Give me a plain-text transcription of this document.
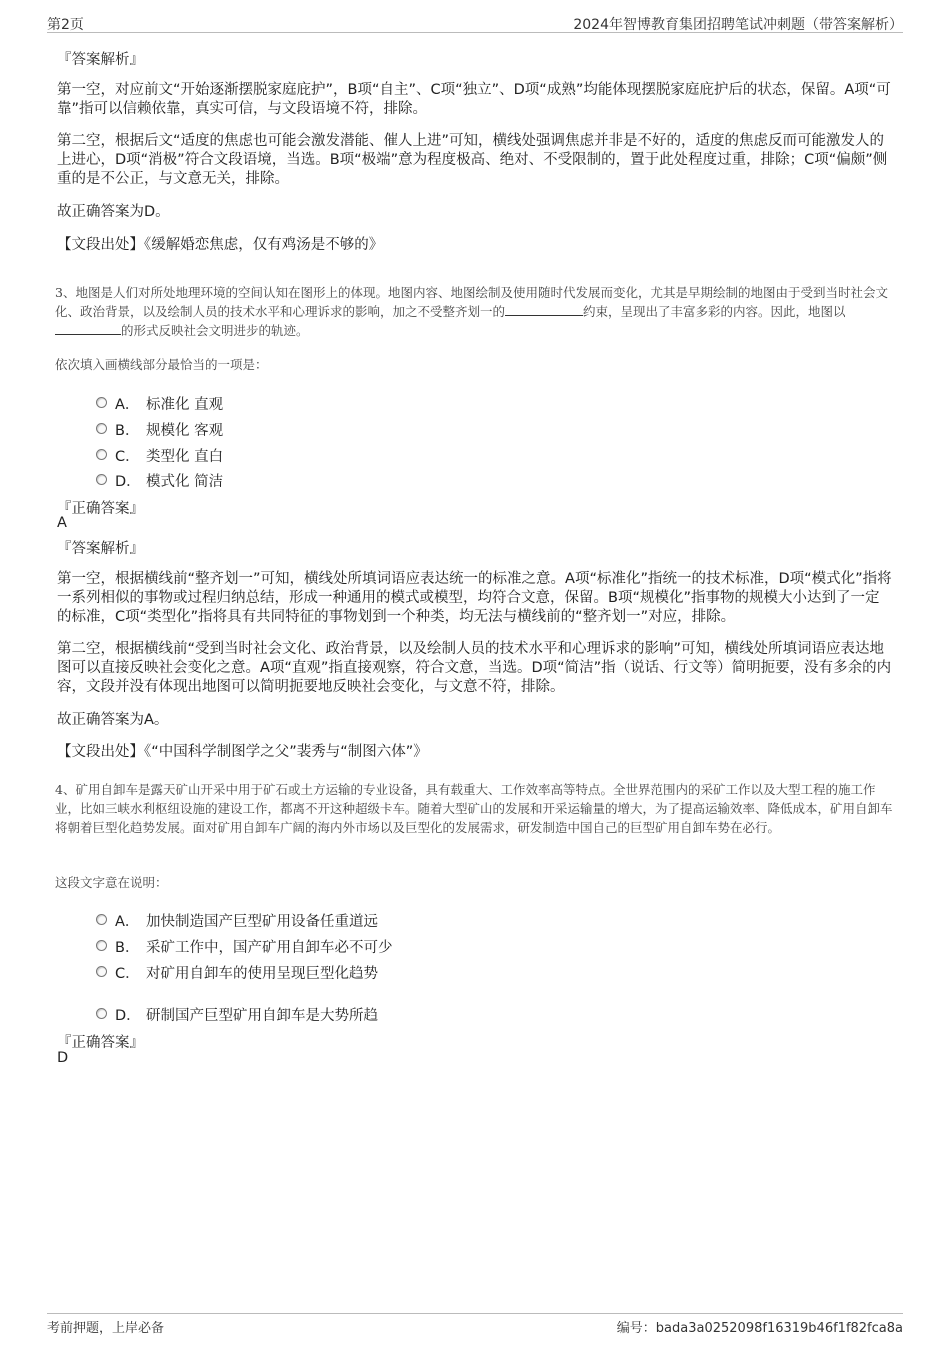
第2页	2024年智博教育集团招聘笔试冲刺题（带答案解析）
『答案解析』
第一空，对应前文“开始逐渐摆脱家庭庇护”，B项“自主”、C项“独立”、D项“成熟”均能体现摆脱家庭庇护后的状态，保留。A项“可靠”指可以信赖依靠，真实可信，与文段语境不符，排除。
第二空，根据后文“适度的焦虑也可能会激发潜能、催人上进”可知，横线处强调焦虑并非是不好的，适度的焦虑反而可能激发人的上进心，D项“消极”符合文段语境，当选。B项“极端”意为程度极高、绝对、不受限制的，置于此处程度过重，排除；C项“偏颇”侧重的是不公正，与文意无关，排除。
故正确答案为D。
【文段出处】《缓解婚恋焦虑，仅有鸡汤是不够的》
3、地图是人们对所处地理环境的空间认知在图形上的体现。地图内容、地图绘制及使用随时代发展而变化，尤其是早期绘制的地图由于受到当时社会文化、政治背景，以及绘制人员的技术水平和心理诉求的影响，加之不受整齐划一的	约束，呈现出了丰富多彩的内容。因此，地图以的形式反映社会文明进步的轨迹。
依次填入画横线部分最恰当的一项是：
A． 标准化 直观
B． 规模化 客观
C． 类型化 直白
D． 模式化 简洁
『正确答案』
A
『答案解析』
第一空，根据横线前“整齐划一”可知，横线处所填词语应表达统一的标准之意。A项“标准化”指统一的技术标准，D项“模式化”指将一系列相似的事物或过程归纳总结，形成一种通用的模式或模型，均符合文意，保留。B项“规模化”指事物的规模大小达到了一定的标准，C项“类型化”指将具有共同特征的事物划到一个种类，均无法与横线前的“整齐划一”对应，排除。
第二空，根据横线前“受到当时社会文化、政治背景，以及绘制人员的技术水平和心理诉求的影响”可知，横线处所填词语应表达地图可以直接反映社会变化之意。A项“直观”指直接观察，符合文意，当选。D项“简洁”指（说话、行文等）简明扼要，没有多余的内容，文段并没有体现出地图可以简明扼要地反映社会变化，与文意不符，排除。
故正确答案为A。
【文段出处】《“中国科学制图学之父”裴秀与“制图六体”》
4、矿用自卸车是露天矿山开采中用于矿石或土方运输的专业设备，具有载重大、工作效率高等特点。全世界范围内的采矿工作以及大型工程的施工作业，比如三峡水利枢纽设施的建设工作，都离不开这种超级卡车。随着大型矿山的发展和开采运输量的增大，为了提高运输效率、降低成本，矿用自卸车将朝着巨型化趋势发展。面对矿用自卸车广阔的海内外市场以及巨型化的发展需求，研发制造中国自己的巨型矿用自卸车势在必行。
这段文字意在说明：
A． 加快制造国产巨型矿用设备任重道远
B． 采矿工作中，国产矿用自卸车必不可少
C． 对矿用自卸车的使用呈现巨型化趋势
D． 研制国产巨型矿用自卸车是大势所趋
『正确答案』
D
考前押题，上岸必备	编号：bada3a0252098f16319b46f1f82fca8a
